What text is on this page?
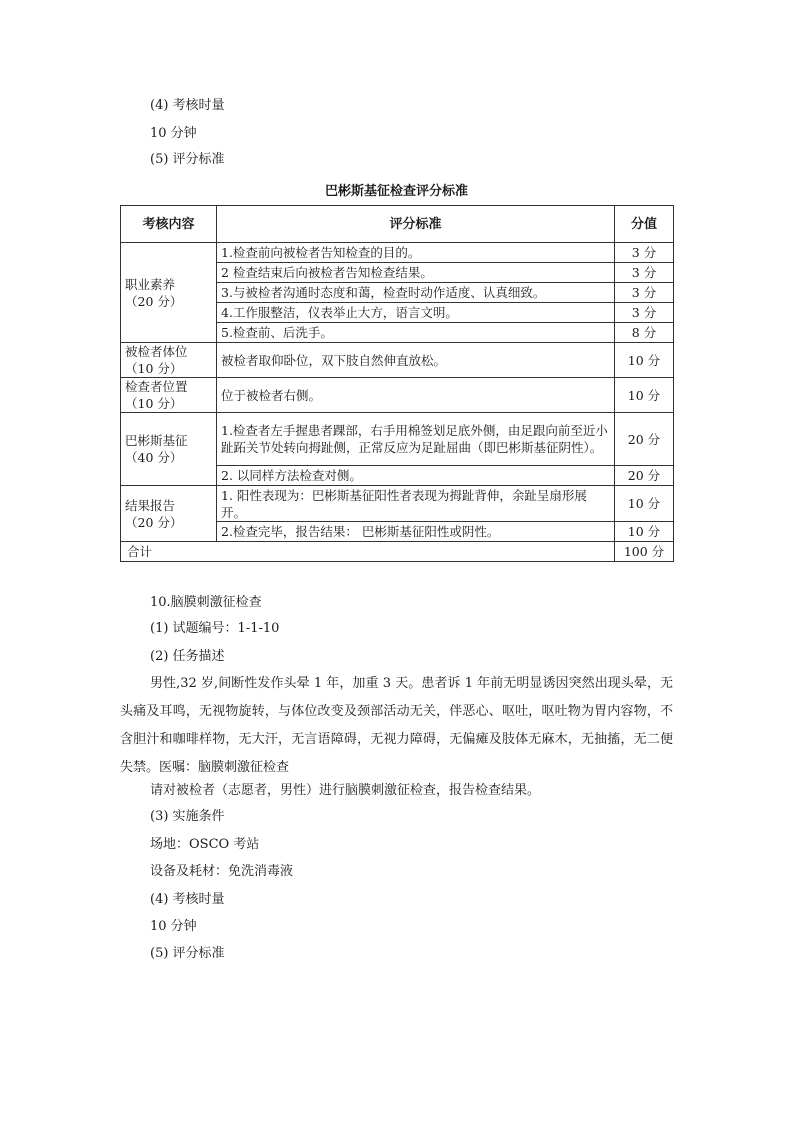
(4) 考核时量
10 分钟
(5) 评分标准
巴彬斯基征检查评分标准
考核内容	评分标准	分值
职业素养
（20 分）	1.检查前向被检者告知检查的目的。	3 分
	2 检查结束后向被检者告知检查结果。	3 分
	3.与被检者沟通时态度和蔼，检查时动作适度、认真细致。	3 分
	4.工作服整洁，仪表举止大方，语言文明。	3 分
	5.检查前、后洗手。	8 分
被检者体位
（10 分）	被检者取仰卧位，双下肢自然伸直放松。	10 分
检查者位置
（10 分）	位于被检者右侧。	10 分
巴彬斯基征
（40 分）	1.检查者左手握患者踝部，右手用棉签划足底外侧，由足跟向前至近小趾跖关节处转向拇趾侧，正常反应为足趾屈曲（即巴彬斯基征阴性）。	20 分
	2. 以同样方法检查对侧。	20 分
结果报告
（20 分）	1. 阳性表现为：巴彬斯基征阳性者表现为拇趾背伸，余趾呈扇形展开。	10 分
	2.检查完毕，报告结果： 巴彬斯基征阳性或阴性。	10 分
合计		100 分
10.脑膜刺激征检查
(1) 试题编号：1-1-10
(2) 任务描述

男性,32 岁,间断性发作头晕 1 年，加重 3 天。患者诉 1 年前无明显诱因突然出现头晕，无头痛及耳鸣，无视物旋转，与体位改变及颈部活动无关，伴恶心、呕吐，呕吐物为胃内容物，不含胆汁和咖啡样物，无大汗，无言语障碍，无视力障碍，无偏瘫及肢体无麻木，无抽搐，无二便失禁。医嘱：脑膜刺激征检查

请对被检者（志愿者，男性）进行脑膜刺激征检查，报告检查结果。
(3) 实施条件
场地：OSCO 考站
设备及耗材：免洗消毒液
(4) 考核时量
10 分钟
(5) 评分标准
